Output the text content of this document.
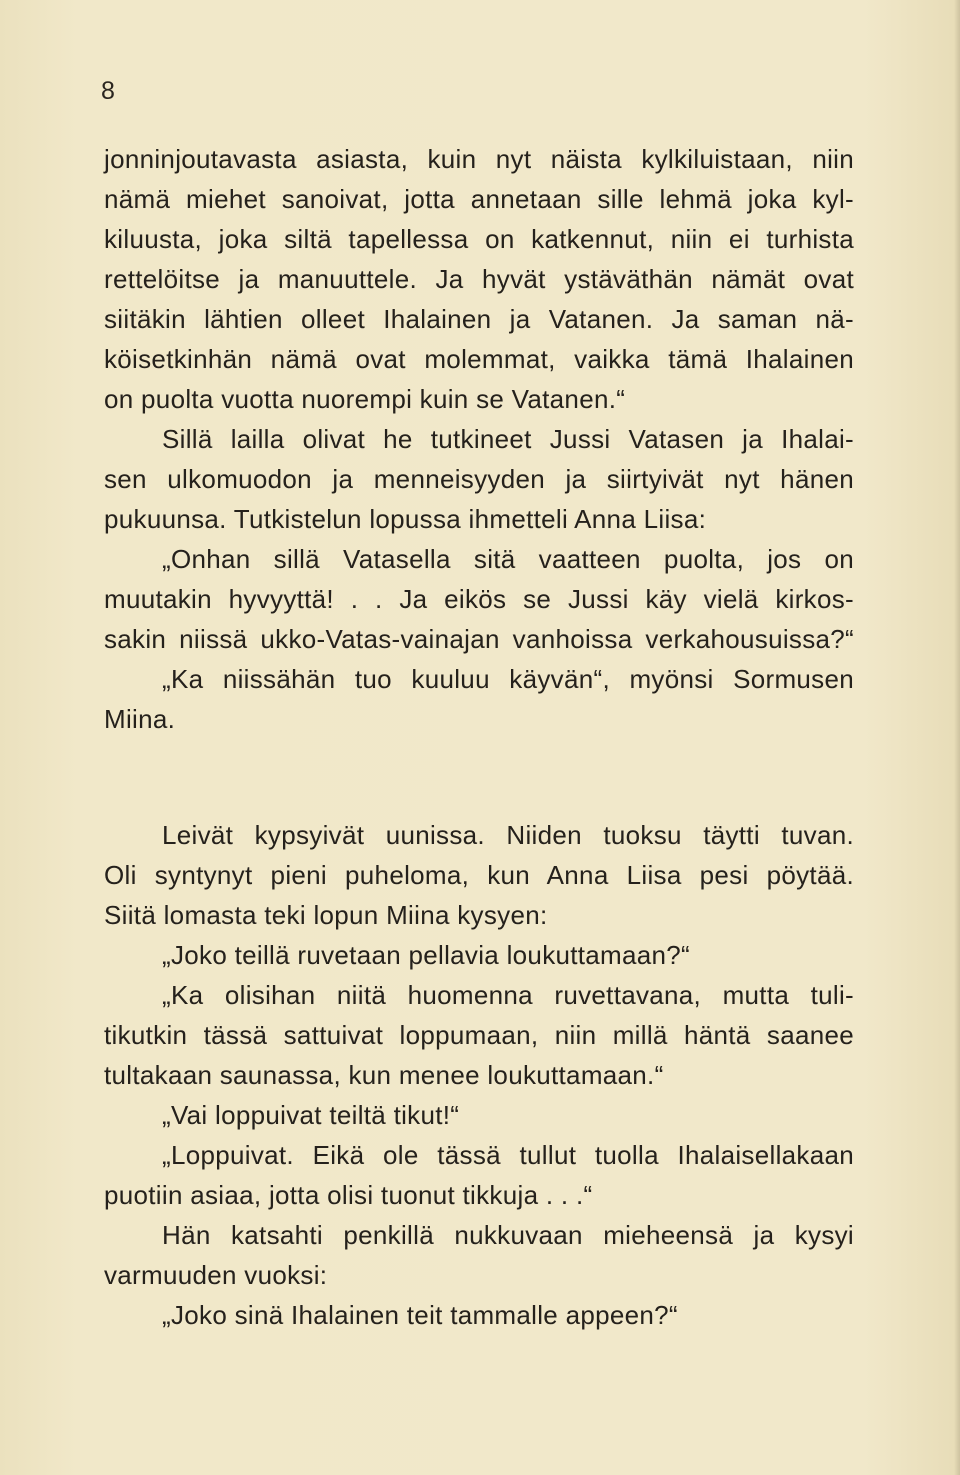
8
jonninjoutavasta asiasta, kuin nyt näista kylkiluistaan, niin
nämä miehet sanoivat, jotta annetaan sille lehmä joka kyl-
kiluusta, joka siltä tapellessa on katkennut, niin ei turhista
rettelöitse ja manuuttele. Ja hyvät ystäväthän nämät ovat
siitäkin lähtien olleet Ihalainen ja Vatanen. Ja saman nä-
köisetkinhän nämä ovat molemmat, vaikka tämä Ihalainen
on puolta vuotta nuorempi kuin se Vatanen.“
Sillä lailla olivat he tutkineet Jussi Vatasen ja Ihalai-
sen ulkomuodon ja menneisyyden ja siirtyivät nyt hänen
pukuunsa. Tutkistelun lopussa ihmetteli Anna Liisa:
„Onhan sillä Vatasella sitä vaatteen puolta, jos on
muutakin hyvyyttä! . . Ja eikös se Jussi käy vielä kirkos-
sakin niissä ukko-Vatas-vainajan vanhoissa verkahousuissa?“
„Ka niissähän tuo kuuluu käyvän“, myönsi Sormusen
Miina.
Leivät kypsyivät uunissa. Niiden tuoksu täytti tuvan.
Oli syntynyt pieni puheloma, kun Anna Liisa pesi pöytää.
Siitä lomasta teki lopun Miina kysyen:
„Joko teillä ruvetaan pellavia loukuttamaan?“
„Ka olisihan niitä huomenna ruvettavana, mutta tuli-
tikutkin tässä sattuivat loppumaan, niin millä häntä saanee
tultakaan saunassa, kun menee loukuttamaan.“
„Vai loppuivat teiltä tikut!“
„Loppuivat. Eikä ole tässä tullut tuolla Ihalaisellakaan
puotiin asiaa, jotta olisi tuonut tikkuja . . .“
Hän katsahti penkillä nukkuvaan mieheensä ja kysyi
varmuuden vuoksi:
„Joko sinä Ihalainen teit tammalle appeen?“
